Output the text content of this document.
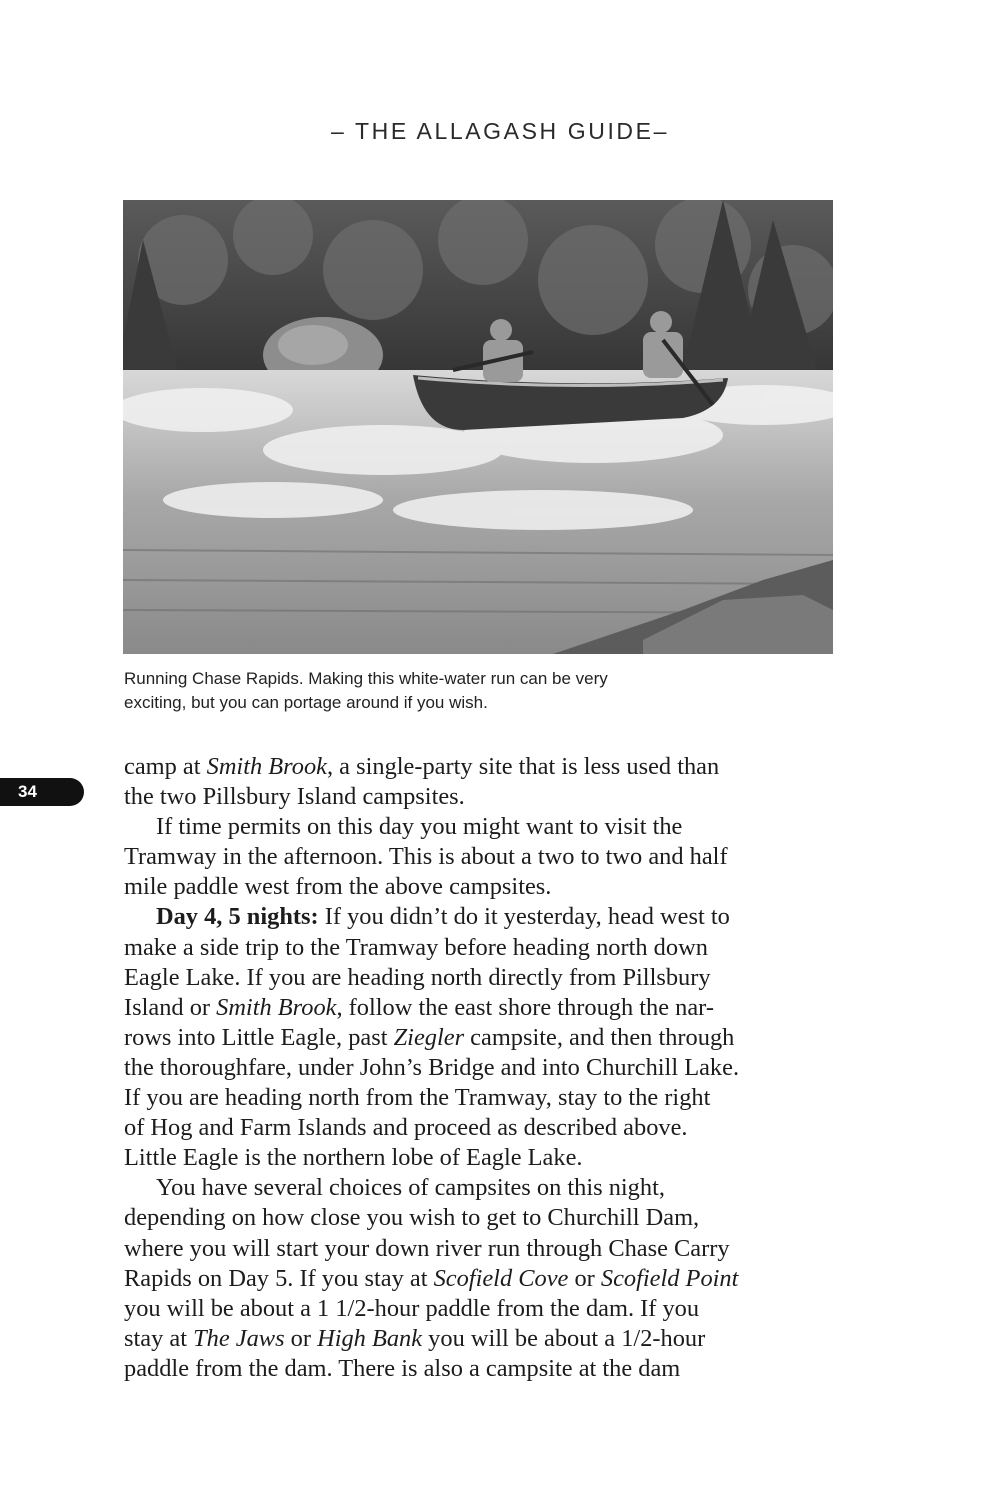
– THE ALLAGASH GUIDE–
Running Chase Rapids. Making this white-water run can be very
exciting, but you can portage around if you wish.
34

camp at Smith Brook, a single-party site that is less used than

the two Pillsbury Island campsites.

If time permits on this day you might want to visit the

Tramway in the afternoon. This is about a two to two and half

mile paddle west from the above campsites.

Day 4, 5 nights: If you didn’t do it yesterday, head west to

make a side trip to the Tramway before heading north down

Eagle Lake. If you are heading north directly from Pillsbury

Island or Smith Brook, follow the east shore through the nar-

rows into Little Eagle, past Ziegler campsite, and then through

the thoroughfare, under John’s Bridge and into Churchill Lake.

If you are heading north from the Tramway, stay to the right

of Hog and Farm Islands and proceed as described above.

Little Eagle is the northern lobe of Eagle Lake.

You have several choices of campsites on this night,

depending on how close you wish to get to Churchill Dam,

where you will start your down river run through Chase Carry

Rapids on Day 5. If you stay at Scofield Cove or Scofield Point

you will be about a 1 1/2-hour paddle from the dam. If you

stay at The Jaws or High Bank you will be about a 1/2-hour

paddle from the dam. There is also a campsite at the dam
